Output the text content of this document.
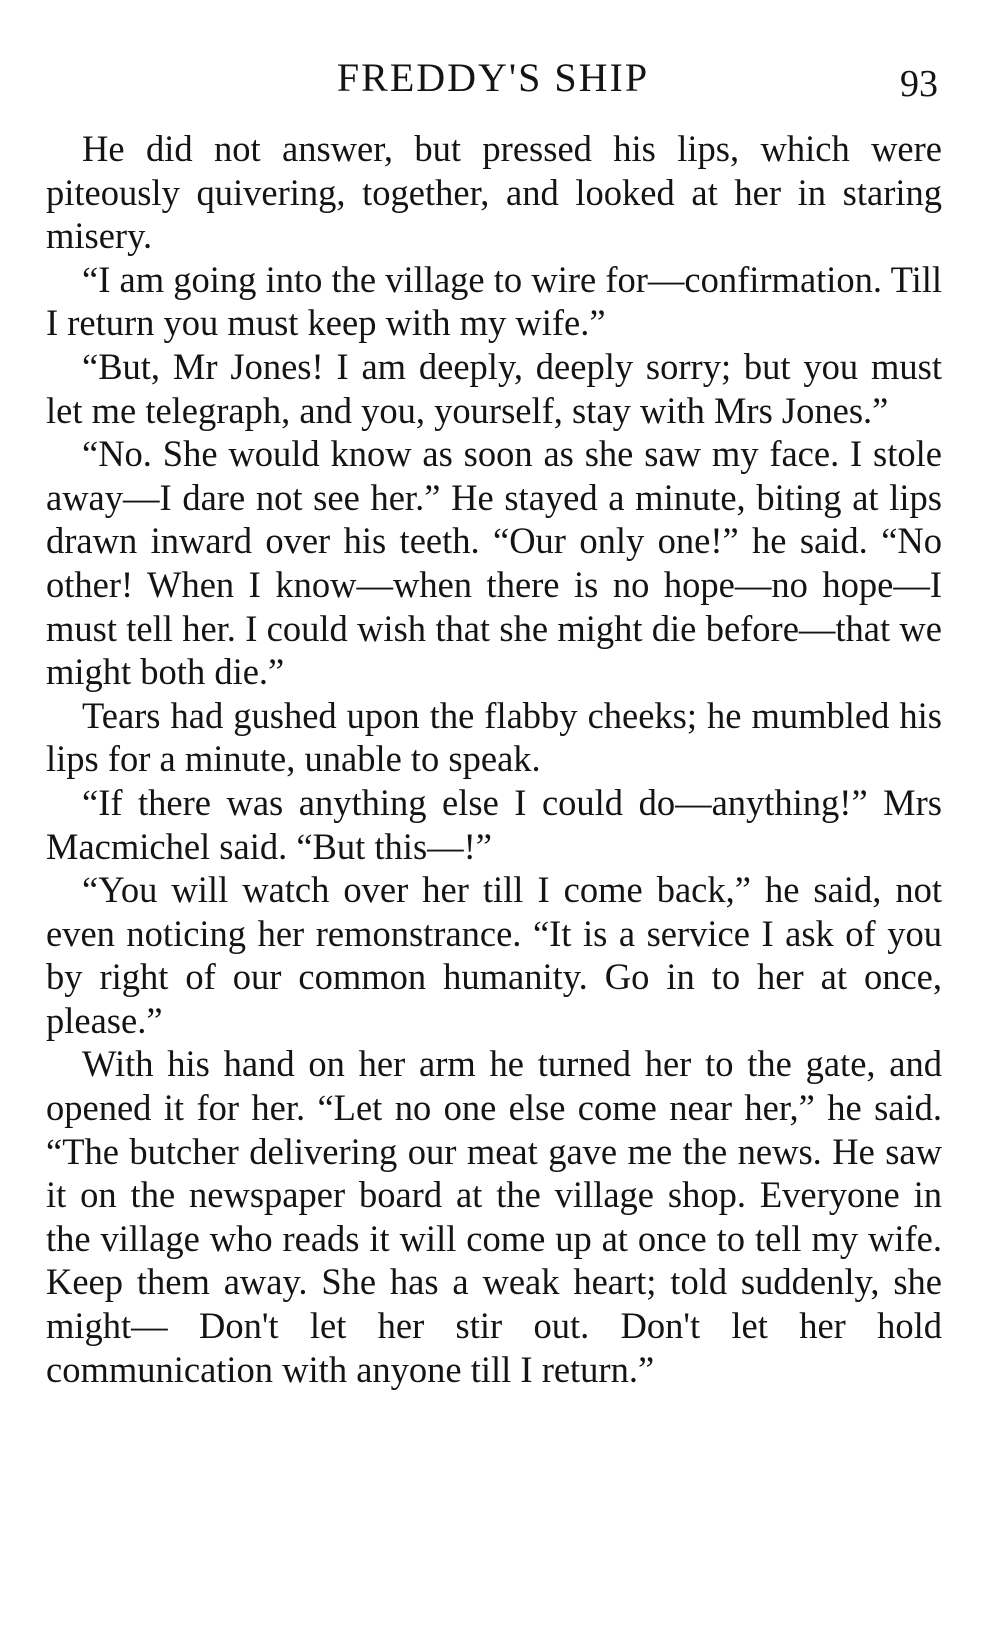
FREDDY'S SHIP	93

He did not answer, but pressed his lips, which were piteously quivering, together, and looked at her in staring misery.

“I am going into the village to wire for—confirmation. Till I return you must keep with my wife.”

“But, Mr Jones! I am deeply, deeply sorry; but you must let me telegraph, and you, yourself, stay with Mrs Jones.”

“No. She would know as soon as she saw my face. I stole away—I dare not see her.” He stayed a minute, biting at lips drawn inward over his teeth. “Our only one!” he said. “No other! When I know—when there is no hope—no hope—I must tell her. I could wish that she might die before—that we might both die.”

Tears had gushed upon the flabby cheeks; he mumbled his lips for a minute, unable to speak.

“If there was anything else I could do—anything!” Mrs Macmichel said. “But this—!”

“You will watch over her till I come back,” he said, not even noticing her remonstrance. “It is a service I ask of you by right of our common humanity. Go in to her at once, please.”

With his hand on her arm he turned her to the gate, and opened it for her. “Let no one else come near her,” he said. “The butcher delivering our meat gave me the news. He saw it on the newspaper board at the village shop. Everyone in the village who reads it will come up at once to tell my wife. Keep them away. She has a weak heart; told suddenly, she might— Don't let her stir out. Don't let her hold communication with anyone till I return.”
